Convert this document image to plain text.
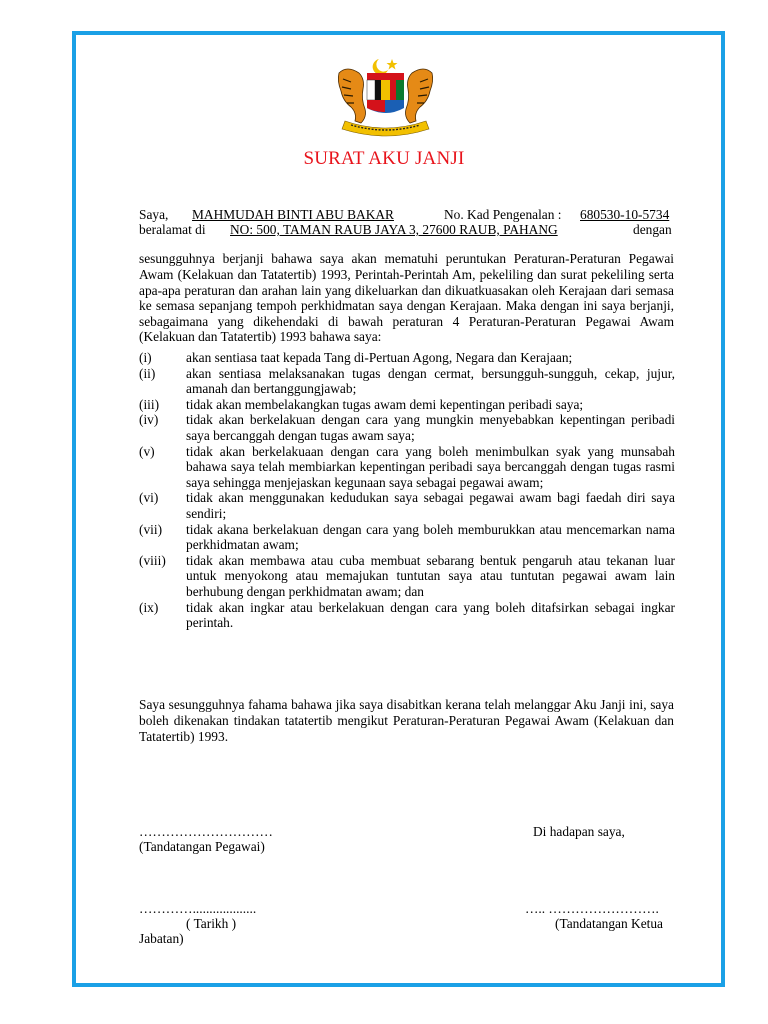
SURAT AKU JANJI
Saya, MAHMUDAH BINTI ABU BAKAR	No. Kad Pengenalan : 680530-10-5734
beralamat di NO: 500, TAMAN RAUB JAYA 3, 27600 RAUB, PAHANG	dengan

sesungguhnya berjanji bahawa saya akan mematuhi peruntukan Peraturan-Peraturan Pegawai Awam (Kelakuan dan Tatatertib) 1993, Perintah-Perintah Am, pekeliling dan surat pekeliling serta apa-apa peraturan dan arahan lain yang dikeluarkan dan dikuatkuasakan oleh Kerajaan dari semasa ke semasa sepanjang tempoh perkhidmatan saya dengan Kerajaan. Maka dengan ini saya berjanji, sebagaimana yang dikehendaki di bawah peraturan 4 Peraturan-Peraturan Pegawai Awam (Kelakuan dan Tatatertib) 1993 bahawa saya:

(i)	akan sentiasa taat kepada Tang di-Pertuan Agong, Negara dan Kerajaan;
(ii) akan sentiasa melaksanakan tugas dengan cermat, bersungguh-sungguh, cekap, jujur, amanah dan bertanggungjawab;
(iii) tidak akan membelakangkan tugas awam demi kepentingan peribadi saya;
(iv) tidak akan berkelakuan dengan cara yang mungkin menyebabkan kepentingan peribadi saya bercanggah dengan tugas awam saya;
(v) tidak akan berkelakuaan dengan cara yang boleh menimbulkan syak yang munsabah bahawa saya telah membiarkan kepentingan peribadi saya bercanggah dengan tugas rasmi saya sehingga menjejaskan kegunaan saya sebagai pegawai awam;
(vi) tidak akan menggunakan kedudukan saya sebagai pegawai awam bagi faedah diri saya sendiri;
(vii) tidak akana berkelakuan dengan cara yang boleh memburukkan atau mencemarkan nama perkhidmatan awam;
(viii) tidak akan membawa atau cuba membuat sebarang bentuk pengaruh atau tekanan luar untuk menyokong atau memajukan tuntutan saya atau tuntutan pegawai awam lain berhubung dengan perkhidmatan awam; dan
(ix) tidak akan ingkar atau berkelakuan dengan cara yang boleh ditafsirkan sebagai ingkar perintah.

Saya sesungguhnya fahama bahawa jika saya disabitkan kerana telah melanggar Aku Janji ini, saya boleh dikenakan tindakan tatatertib mengikut Peraturan-Peraturan Pegawai Awam (Kelakuan dan Tatatertib) 1993.

…………………………
(Tandatangan Pegawai)
Di hadapan saya,
…………...................
( Tarikh )
….. …………………….
(Tandatangan Ketua
Jabatan)
